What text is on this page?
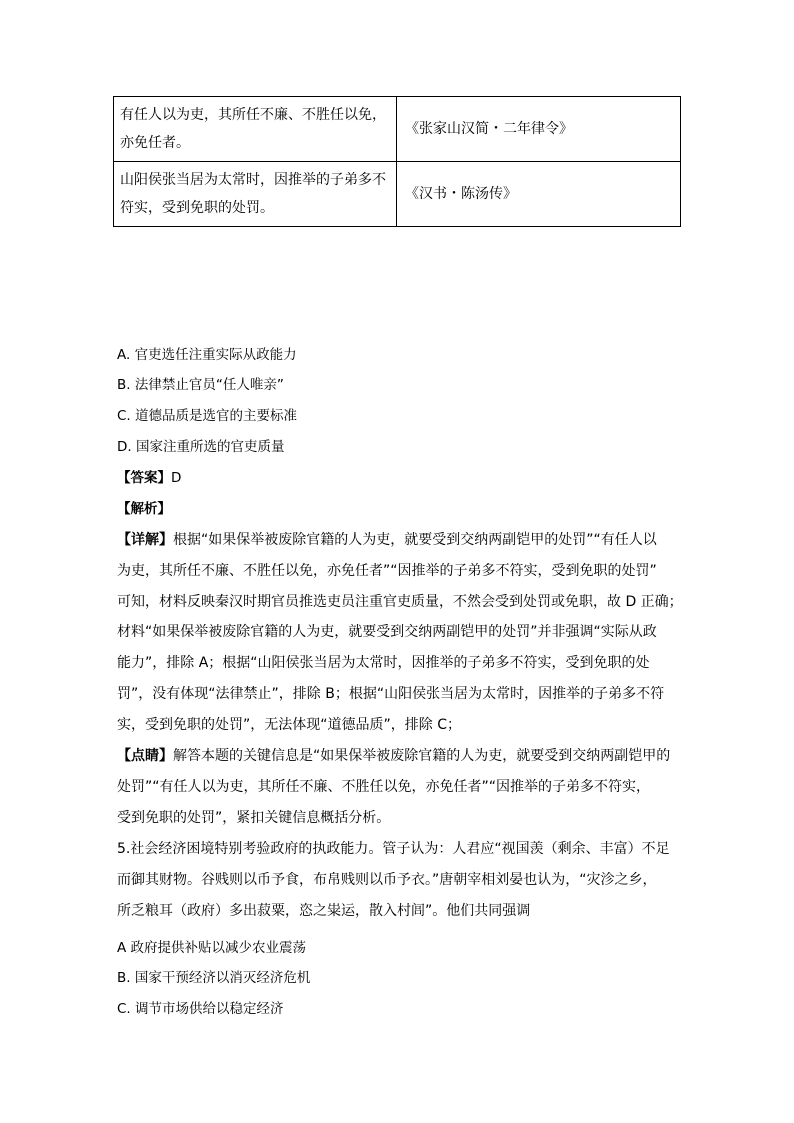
有任人以为吏，其所任不廉、不胜任以免，
亦免任者。	《张家山汉简・二年律令》

山阳侯张当居为太常时，因推举的子弟多不
符实，受到免职的处罚。	《汉书・陈汤传》
A. 官吏选任注重实际从政能力
B. 法律禁止官员“任人唯亲”
C. 道德品质是选官的主要标准
D. 国家注重所选的官吏质量
【答案】D
【解析】
【详解】根据“如果保举被废除官籍的人为吏，就要受到交纳两副铠甲的处罚”“有任人以
为吏，其所任不廉、不胜任以免，亦免任者”“因推举的子弟多不符实，受到免职的处罚”
可知，材料反映秦汉时期官员推选吏员注重官吏质量，不然会受到处罚或免职，故 D 正确；
材料“如果保举被废除官籍的人为吏，就要受到交纳两副铠甲的处罚”并非强调“实际从政
能力”，排除 A；根据“山阳侯张当居为太常时，因推举的子弟多不符实，受到免职的处
罚”，没有体现“法律禁止”，排除 B；根据“山阳侯张当居为太常时，因推举的子弟多不符
实，受到免职的处罚”，无法体现“道德品质”，排除 C；
【点睛】解答本题的关键信息是“如果保举被废除官籍的人为吏，就要受到交纳两副铠甲的
处罚”“有任人以为吏，其所任不廉、不胜任以免，亦免任者”“因推举的子弟多不符实，
受到免职的处罚”，紧扣关键信息概括分析。
5.社会经济困境特别考验政府的执政能力。管子认为：人君应“视国羡（剩余、丰富）不足
而御其财物。谷贱则以币予食，布帛贱则以币予衣。”唐朝宰相刘晏也认为，“灾沴之乡，
所乏粮耳（政府）多出菽粟，恣之粜运，散入村闾”。他们共同强调
A 政府提供补贴以减少农业震荡
B. 国家干预经济以消灭经济危机
C. 调节市场供给以稳定经济
